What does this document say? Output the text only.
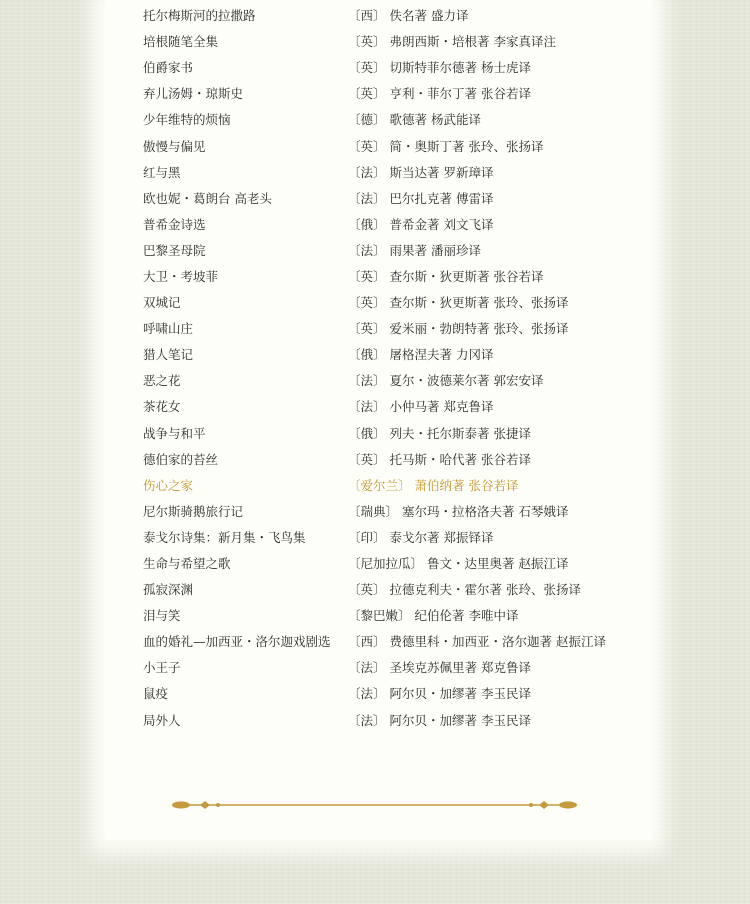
托尔梅斯河的拉撒路	〔西〕 佚名著 盛力译
培根随笔全集	〔英〕 弗朗西斯・培根著 李家真译注
伯爵家书	〔英〕 切斯特菲尔德著 杨士虎译
弃儿汤姆・琼斯史	〔英〕 亨利・菲尔丁著 张谷若译
少年维特的烦恼	〔德〕 歌德著 杨武能译
傲慢与偏见	〔英〕 简・奥斯丁著 张玲、张扬译
红与黑	〔法〕 斯当达著 罗新璋译
欧也妮・葛朗台 高老头	〔法〕 巴尔扎克著 傅雷译
普希金诗选	〔俄〕 普希金著 刘文飞译
巴黎圣母院	〔法〕 雨果著 潘丽珍译
大卫・考坡菲	〔英〕 查尔斯・狄更斯著 张谷若译
双城记	〔英〕 查尔斯・狄更斯著 张玲、张扬译
呼啸山庄	〔英〕 爱米丽・勃朗特著 张玲、张扬译
猎人笔记	〔俄〕 屠格涅夫著 力冈译
恶之花	〔法〕 夏尔・波德莱尔著 郭宏安译
茶花女	〔法〕 小仲马著 郑克鲁译
战争与和平	〔俄〕 列夫・托尔斯泰著 张捷译
德伯家的苔丝	〔英〕 托马斯・哈代著 张谷若译
伤心之家	〔爱尔兰〕 萧伯纳著 张谷若译
尼尔斯骑鹅旅行记	〔瑞典〕 塞尔玛・拉格洛夫著 石琴娥译
泰戈尔诗集：新月集・飞鸟集	〔印〕 泰戈尔著 郑振铎译
生命与希望之歌	〔尼加拉瓜〕 鲁文・达里奥著 赵振江译
孤寂深渊	〔英〕 拉德克利夫・霍尔著 张玲、张扬译
泪与笑	〔黎巴嫩〕 纪伯伦著 李唯中译
血的婚礼—加西亚・洛尔迦戏剧选	〔西〕 费德里科・加西亚・洛尔迦著 赵振江译
小王子	〔法〕 圣埃克苏佩里著 郑克鲁译
鼠疫	〔法〕 阿尔贝・加缪著 李玉民译
局外人	〔法〕 阿尔贝・加缪著 李玉民译
